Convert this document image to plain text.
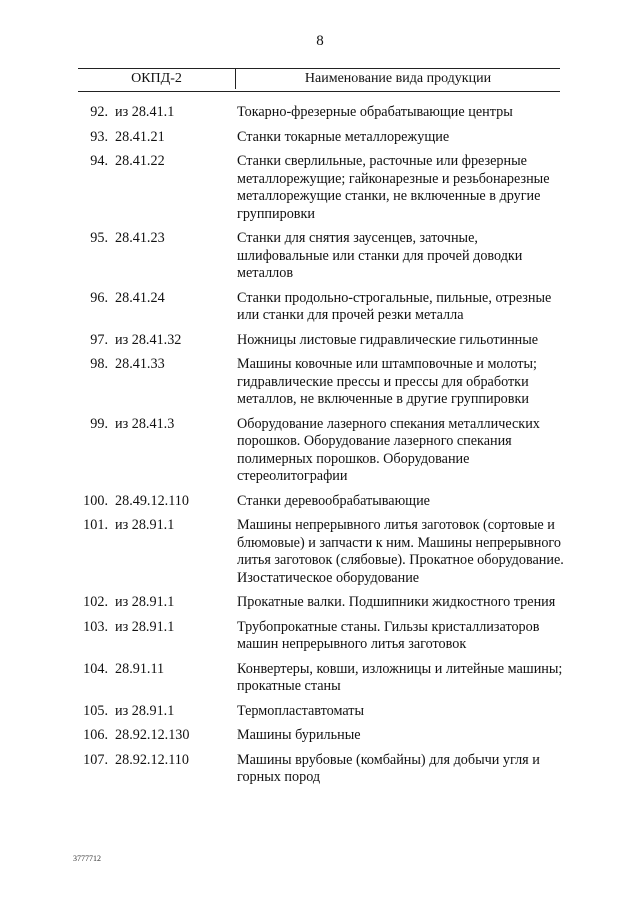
8
ОКПД-2	Наименование вида продукции
92. из 28.41.1	Токарно-фрезерные обрабатывающие центры
93. 28.41.21	Станки токарные металлорежущие
94. 28.41.22	Станки сверлильные, расточные или фрезерные металлорежущие; гайконарезные и резьбонарезные металлорежущие станки, не включенные в другие группировки
95. 28.41.23	Станки для снятия заусенцев, заточные, шлифовальные или станки для прочей доводки металлов
96. 28.41.24	Станки продольно-строгальные, пильные, отрезные или станки для прочей резки металла
97. из 28.41.32	Ножницы листовые гидравлические гильотинные
98. 28.41.33	Машины ковочные или штамповочные и молоты; гидравлические прессы и прессы для обработки металлов, не включенные в другие группировки
99. из 28.41.3	Оборудование лазерного спекания металлических порошков. Оборудование лазерного спекания полимерных порошков. Оборудование стереолитографии
100. 28.49.12.110	Станки деревообрабатывающие
101. из 28.91.1	Машины непрерывного литья заготовок (сортовые и блюмовые) и запчасти к ним. Машины непрерывного литья заготовок (слябовые). Прокатное оборудование. Изостатическое оборудование
102. из 28.91.1	Прокатные валки. Подшипники жидкостного трения
103. из 28.91.1	Трубопрокатные станы. Гильзы кристаллизаторов машин непрерывного литья заготовок
104. 28.91.11	Конвертеры, ковши, изложницы и литейные машины; прокатные станы
105. из 28.91.1	Термопластавтоматы
106. 28.92.12.130	Машины бурильные
107. 28.92.12.110	Машины врубовые (комбайны) для добычи угля и горных пород
3777712
